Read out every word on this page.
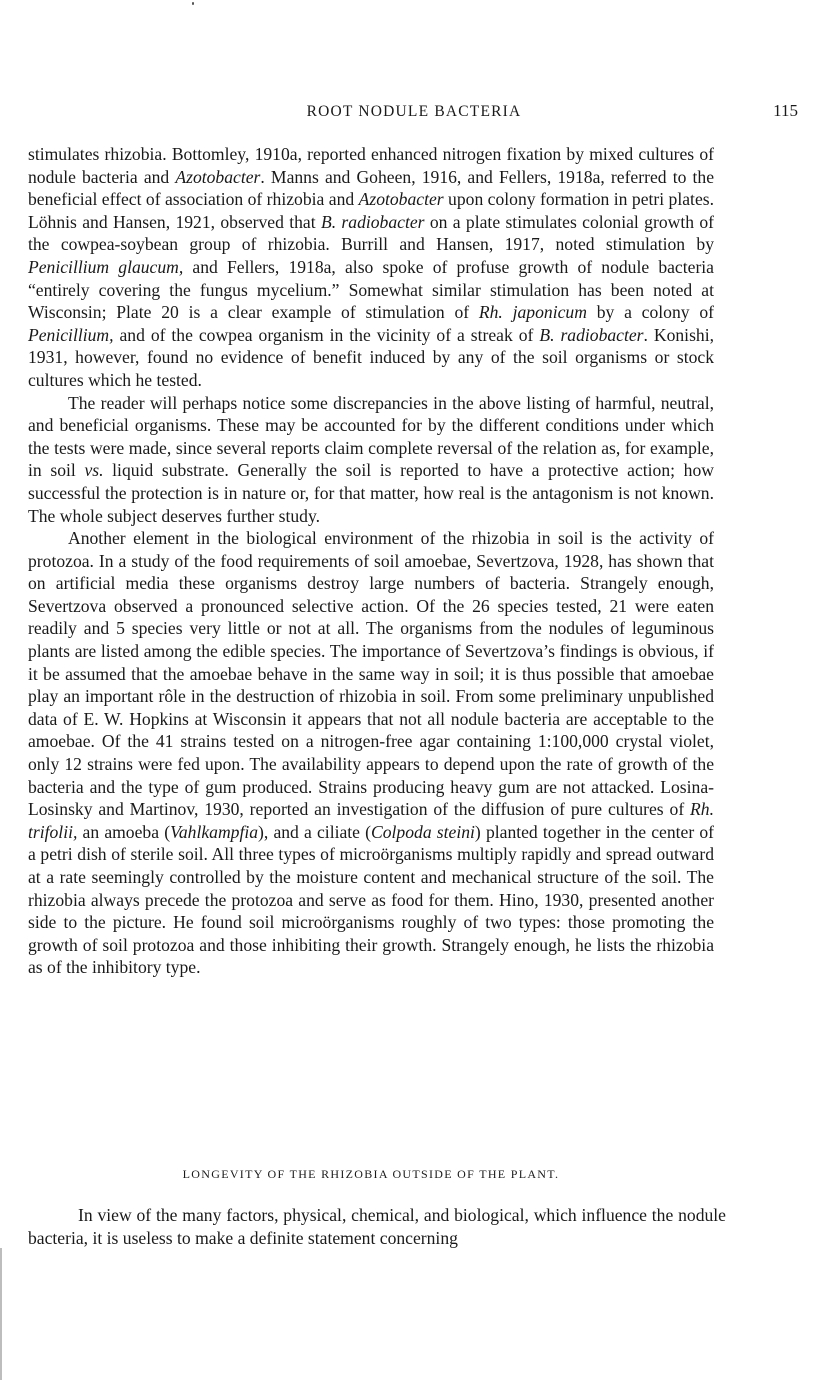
ROOT NODULE BACTERIA	115

stimulates rhizobia. Bottomley, 1910a, reported enhanced nitrogen fixation by mixed cultures of nodule bacteria and Azotobacter. Manns and Goheen, 1916, and Fellers, 1918a, referred to the beneficial effect of association of rhizobia and Azotobacter upon colony formation in petri plates. Löhnis and Hansen, 1921, observed that B. radiobacter on a plate stimulates colonial growth of the cowpea-soybean group of rhizobia. Burrill and Hansen, 1917, noted stimulation by Penicillium glaucum, and Fellers, 1918a, also spoke of profuse growth of nodule bacteria “entirely covering the fungus mycelium.” Somewhat similar stimulation has been noted at Wisconsin; Plate 20 is a clear example of stimulation of Rh. japonicum by a colony of Penicillium, and of the cowpea organism in the vicinity of a streak of B. radiobacter. Konishi, 1931, however, found no evidence of benefit induced by any of the soil organisms or stock cultures which he tested.

The reader will perhaps notice some discrepancies in the above listing of harmful, neutral, and beneficial organisms. These may be accounted for by the different conditions under which the tests were made, since several reports claim complete reversal of the relation as, for example, in soil vs. liquid substrate. Generally the soil is reported to have a protective action; how successful the protection is in nature or, for that matter, how real is the antagonism is not known. The whole subject deserves further study.

Another element in the biological environment of the rhizobia in soil is the activity of protozoa. In a study of the food requirements of soil amoebae, Severtzova, 1928, has shown that on artificial media these organisms destroy large numbers of bacteria. Strangely enough, Severtzova observed a pronounced selective action. Of the 26 species tested, 21 were eaten readily and 5 species very little or not at all. The organisms from the nodules of leguminous plants are listed among the edible species. The importance of Severtzova’s findings is obvious, if it be assumed that the amoebae behave in the same way in soil; it is thus possible that amoebae play an important rôle in the destruction of rhizobia in soil. From some preliminary unpublished data of E. W. Hopkins at Wisconsin it appears that not all nodule bacteria are acceptable to the amoebae. Of the 41 strains tested on a nitrogen-free agar containing 1:100,000 crystal violet, only 12 strains were fed upon. The availability appears to depend upon the rate of growth of the bacteria and the type of gum produced. Strains producing heavy gum are not attacked. Losina-Losinsky and Martinov, 1930, reported an investigation of the diffusion of pure cultures of Rh. trifolii, an amoeba (Vahlkampfia), and a ciliate (Colpoda steini) planted together in the center of a petri dish of sterile soil. All three types of microörganisms multiply rapidly and spread outward at a rate seemingly controlled by the moisture content and mechanical structure of the soil. The rhizobia always precede the protozoa and serve as food for them. Hino, 1930, presented another side to the picture. He found soil microörganisms roughly of two types: those promoting the growth of soil protozoa and those inhibiting their growth. Strangely enough, he lists the rhizobia as of the inhibitory type.

LONGEVITY OF THE RHIZOBIA OUTSIDE OF THE PLANT.

In view of the many factors, physical, chemical, and biological, which influence the nodule bacteria, it is useless to make a definite statement concerning
